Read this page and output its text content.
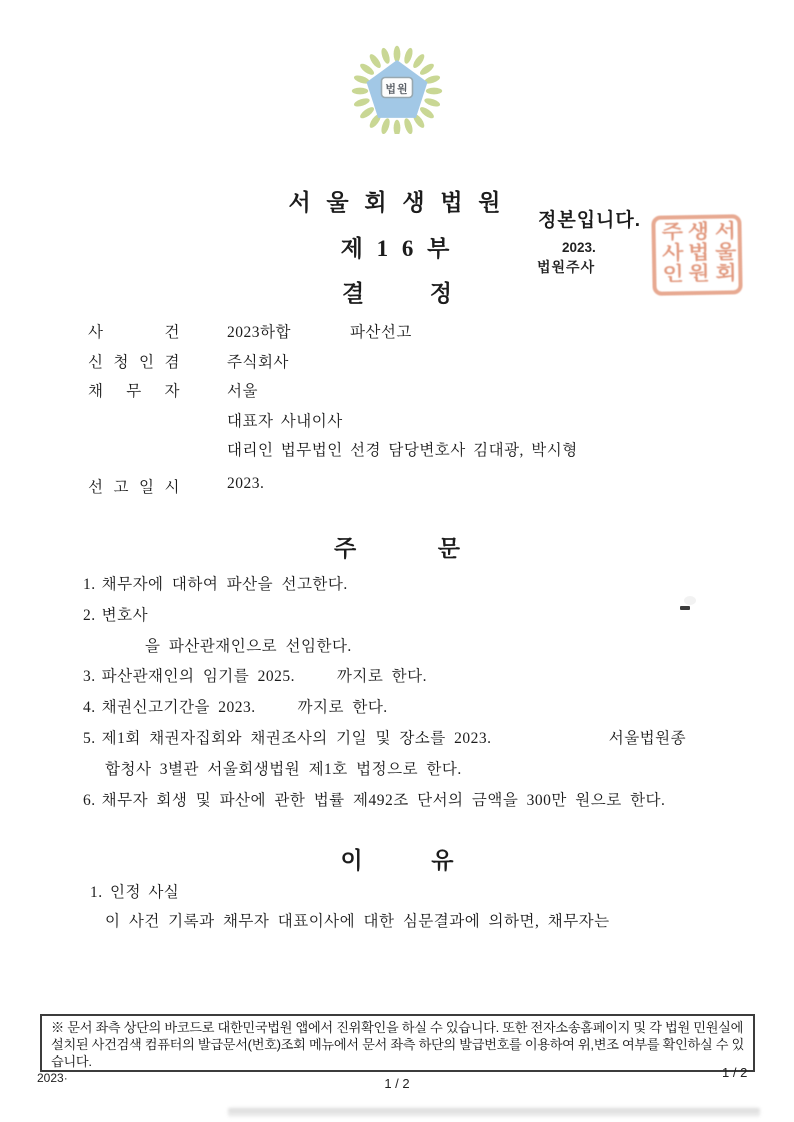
법원
서 울 회 생 법 원
제 1 6 부
결 정
정본입니다.
2023.
법원주사	서울회
생법원
주사인
사 건	2023하합        파산선고
신 청 인 겸	주식회사
채 무 자	서울
대표자 사내이사
대리인 법무법인 선경 담당변호사 김대광, 박시형
선 고 일 시	2023.
주 문
1. 채무자에 대하여 파산을 선고한다.
2. 변호사
을 파산관재인으로 선임한다.
3. 파산관재인의 임기를 2025.     까지로 한다.
4. 채권신고기간을 2023.     까지로 한다.
5. 제1회 채권자집회와 채권조사의 기일 및 장소를 2023.              서울법원종
합청사 3별관 서울회생법원 제1호 법정으로 한다.
6. 채무자 회생 및 파산에 관한 법률 제492조 단서의 금액을 300만 원으로 한다.
이 유
1. 인정 사실
이 사건 기록과 채무자 대표이사에 대한 심문결과에 의하면, 채무자는
※ 문서 좌측 상단의 바코드로 대한민국법원 앱에서 진위확인을 하실 수 있습니다. 또한 전자소송홈페이지 및 각 법원 민원실에 설치된 사건검색 컴퓨터의 발급문서(번호)조회 메뉴에서 문서 좌측 하단의 발급번호를 이용하여 위,변조 여부를 확인하실 수 있습니다.
2023·	1 / 2
1 / 2
